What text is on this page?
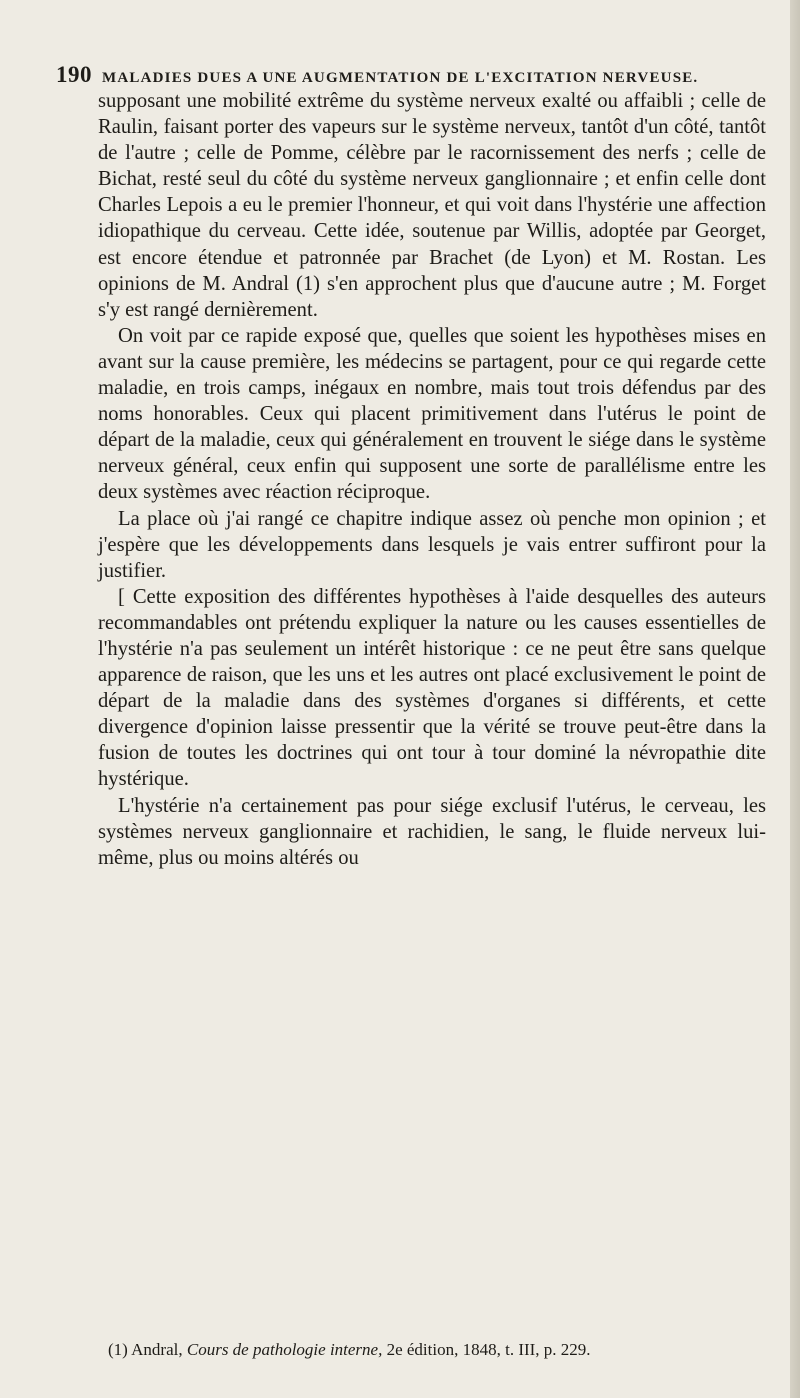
190 MALADIES DUES A UNE AUGMENTATION DE L'EXCITATION NERVEUSE.

supposant une mobilité extrême du système nerveux exalté ou affaibli ; celle de Raulin, faisant porter des vapeurs sur le système nerveux, tantôt d'un côté, tantôt de l'autre ; celle de Pomme, célèbre par le racornissement des nerfs ; celle de Bichat, resté seul du côté du système nerveux ganglionnaire ; et enfin celle dont Charles Lepois a eu le premier l'honneur, et qui voit dans l'hystérie une affection idiopathique du cerveau. Cette idée, soutenue par Willis, adoptée par Georget, est encore étendue et patronnée par Brachet (de Lyon) et M. Rostan. Les opinions de M. Andral (1) s'en approchent plus que d'aucune autre ; M. Forget s'y est rangé dernièrement.

On voit par ce rapide exposé que, quelles que soient les hypothèses mises en avant sur la cause première, les médecins se partagent, pour ce qui regarde cette maladie, en trois camps, inégaux en nombre, mais tout trois défendus par des noms honorables. Ceux qui placent primitivement dans l'utérus le point de départ de la maladie, ceux qui généralement en trouvent le siége dans le système nerveux général, ceux enfin qui supposent une sorte de parallélisme entre les deux systèmes avec réaction réciproque.

La place où j'ai rangé ce chapitre indique assez où penche mon opinion ; et j'espère que les développements dans lesquels je vais entrer suffiront pour la justifier.

[ Cette exposition des différentes hypothèses à l'aide desquelles des auteurs recommandables ont prétendu expliquer la nature ou les causes essentielles de l'hystérie n'a pas seulement un intérêt historique : ce ne peut être sans quelque apparence de raison, que les uns et les autres ont placé exclusivement le point de départ de la maladie dans des systèmes d'organes si différents, et cette divergence d'opinion laisse pressentir que la vérité se trouve peut-être dans la fusion de toutes les doctrines qui ont tour à tour dominé la névropathie dite hystérique.

L'hystérie n'a certainement pas pour siége exclusif l'utérus, le cerveau, les systèmes nerveux ganglionnaire et rachidien, le sang, le fluide nerveux lui-même, plus ou moins altérés ou

(1) Andral, Cours de pathologie interne, 2e édition, 1848, t. III, p. 229.
